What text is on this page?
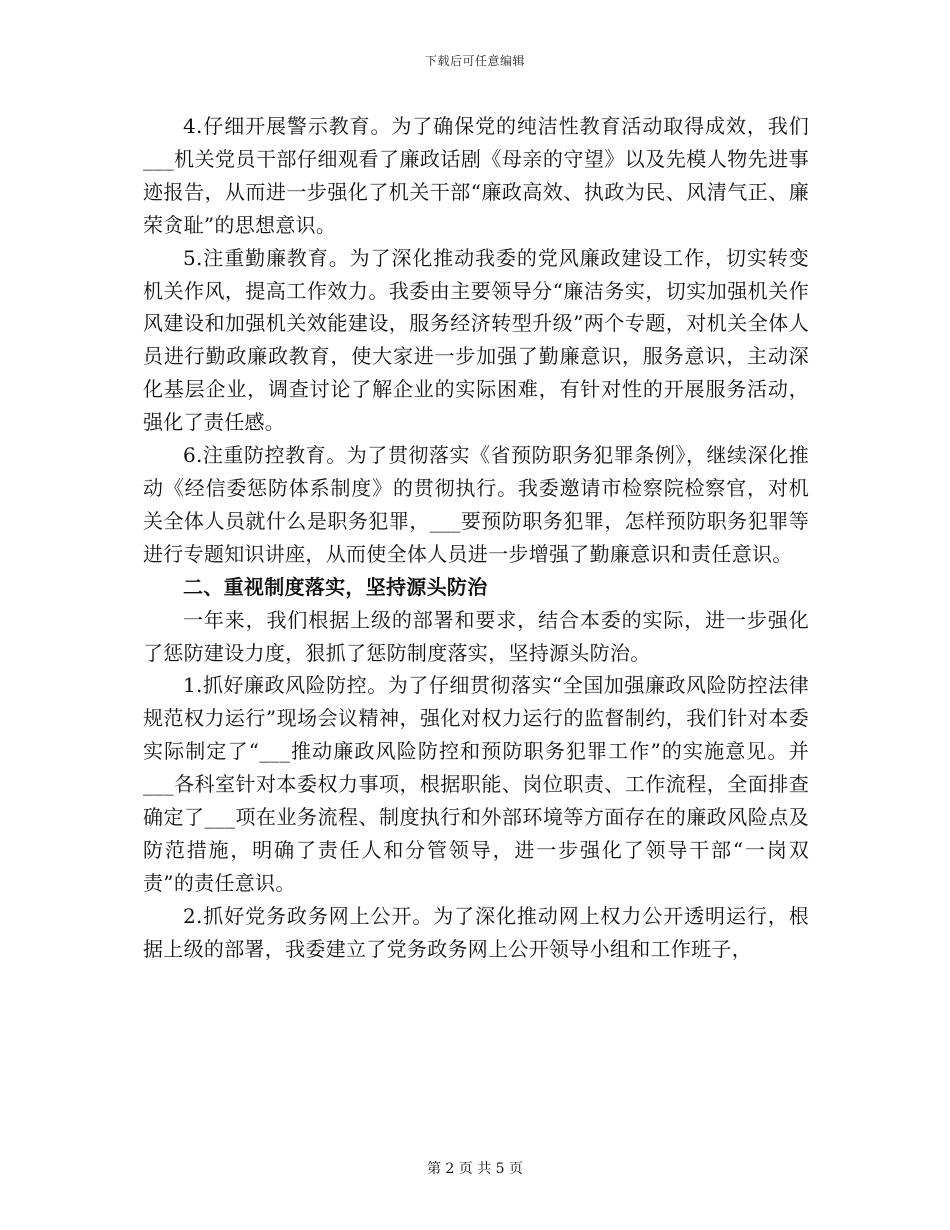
下载后可任意编辑

4.仔细开展警示教育。为了确保党的纯洁性教育活动取得成效，我们___机关党员干部仔细观看了廉政话剧《母亲的守望》以及先模人物先进事迹报告，从而进一步强化了机关干部“廉政高效、执政为民、风清气正、廉荣贪耻”的思想意识。

5.注重勤廉教育。为了深化推动我委的党风廉政建设工作，切实转变机关作风，提高工作效力。我委由主要领导分“廉洁务实，切实加强机关作风建设和加强机关效能建设，服务经济转型升级”两个专题，对机关全体人员进行勤政廉政教育，使大家进一步加强了勤廉意识，服务意识，主动深化基层企业，调查讨论了解企业的实际困难，有针对性的开展服务活动，强化了责任感。

6.注重防控教育。为了贯彻落实《省预防职务犯罪条例》，继续深化推动《经信委惩防体系制度》的贯彻执行。我委邀请市检察院检察官，对机关全体人员就什么是职务犯罪，___要预防职务犯罪，怎样预防职务犯罪等进行专题知识讲座，从而使全体人员进一步增强了勤廉意识和责任意识。

二、重视制度落实，坚持源头防治

一年来，我们根据上级的部署和要求，结合本委的实际，进一步强化了惩防建设力度，狠抓了惩防制度落实，坚持源头防治。

1.抓好廉政风险防控。为了仔细贯彻落实“全国加强廉政风险防控法律规范权力运行”现场会议精神，强化对权力运行的监督制约，我们针对本委实际制定了“___推动廉政风险防控和预防职务犯罪工作”的实施意见。并___各科室针对本委权力事项，根据职能、岗位职责、工作流程，全面排查确定了___项在业务流程、制度执行和外部环境等方面存在的廉政风险点及防范措施，明确了责任人和分管领导，进一步强化了领导干部“一岗双责”的责任意识。

2.抓好党务政务网上公开。为了深化推动网上权力公开透明运行，根据上级的部署，我委建立了党务政务网上公开领导小组和工作班子，

第 2 页 共 5 页
